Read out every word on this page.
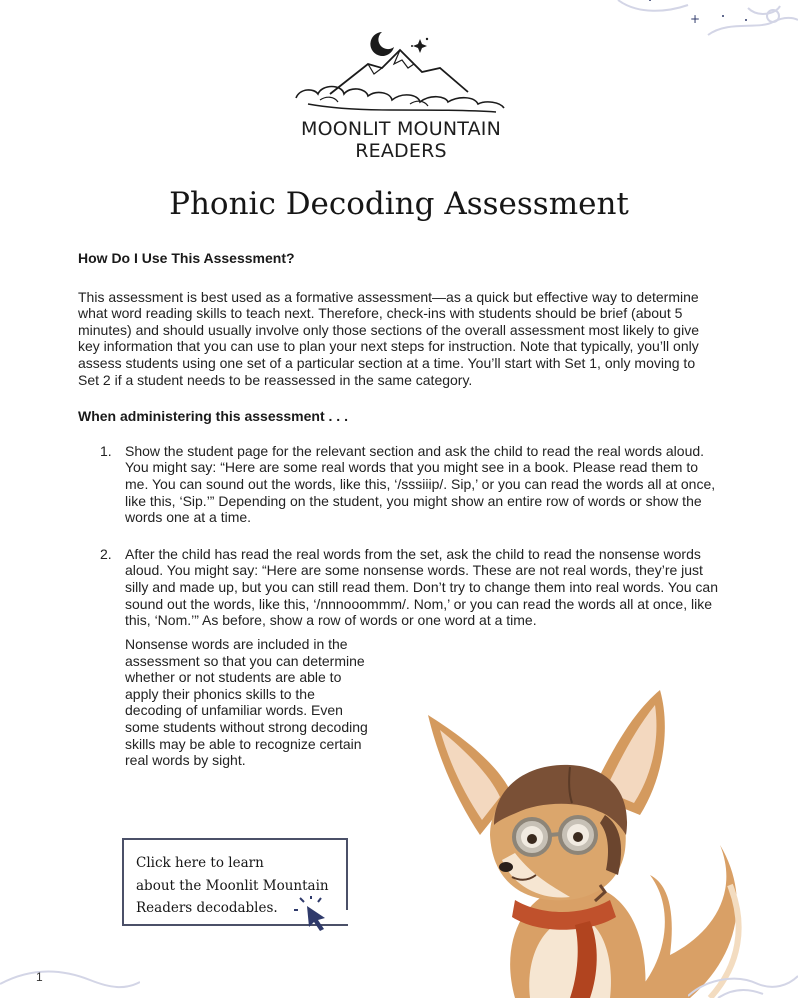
+
MOONLIT MOUNTAIN
READERS
Phonic Decoding Assessment

How Do I Use This Assessment?

This assessment is best used as a formative assessment—as a quick but effective way to determine what word reading skills to teach next. Therefore, check-ins with students should be brief (about 5 minutes) and should usually involve only those sections of the overall assessment most likely to give key information that you can use to plan your next steps for instruction. Note that typically, you’ll only assess students using one set of a particular section at a time. You’ll start with Set 1, only moving to Set 2 if a student needs to be reassessed in the same category.

When administering this assessment . . .

1. Show the student page for the relevant section and ask the child to read the real words aloud. You might say: “Here are some real words that you might see in a book. Please read them to me. You can sound out the words, like this, ‘/sssiiip/. Sip,’ or you can read the words all at once, like this, ‘Sip.’” Depending on the student, you might show an entire row of words or show the words one at a time.
2. After the child has read the real words from the set, ask the child to read the nonsense words aloud. You might say: “Here are some nonsense words. These are not real words, they’re just silly and made up, but you can still read them. Don’t try to change them into real words. You can sound out the words, like this, ‘/nnnooommm/. Nom,’ or you can read the words all at once, like this, ‘Nom.’” As before, show a row of words or one word at a time.
Nonsense words are included in the assessment so that you can determine whether or not students are able to apply their phonics skills to the decoding of unfamiliar words. Even some students without strong decoding skills may be able to recognize certain real words by sight.
Click here to learn
about the Moonlit Mountain
Readers decodables.
1
